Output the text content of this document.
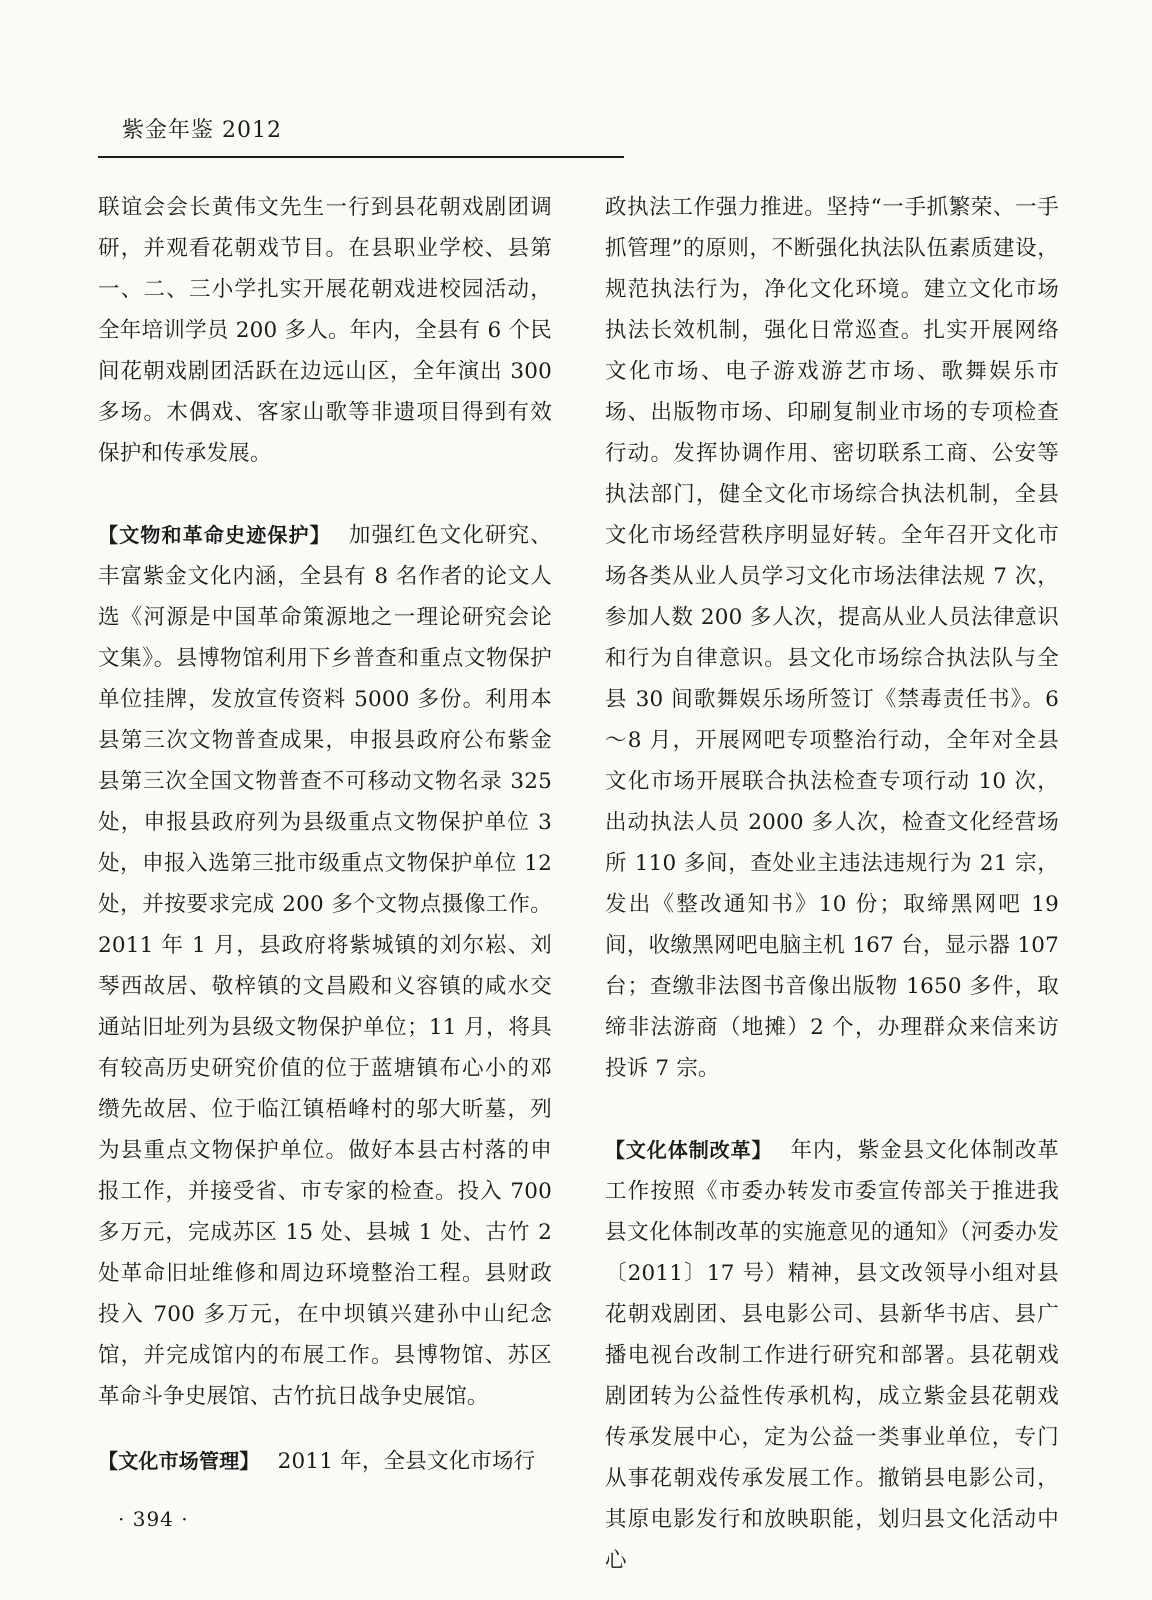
紫金年鉴 2012

联谊会会长黄伟文先生一行到县花朝戏剧团调研，并观看花朝戏节目。在县职业学校、县第一、二、三小学扎实开展花朝戏进校园活动，全年培训学员 200 多人。年内，全县有 6 个民间花朝戏剧团活跃在边远山区，全年演出 300 多场。木偶戏、客家山歌等非遗项目得到有效保护和传承发展。

【文物和革命史迹保护】 加强红色文化研究、丰富紫金文化内涵，全县有 8 名作者的论文人选《河源是中国革命策源地之一理论研究会论文集》。县博物馆利用下乡普查和重点文物保护单位挂牌，发放宣传资料 5000 多份。利用本县第三次文物普查成果，申报县政府公布紫金县第三次全国文物普查不可移动文物名录 325 处，申报县政府列为县级重点文物保护单位 3 处，申报入选第三批市级重点文物保护单位 12 处，并按要求完成 200 多个文物点摄像工作。2011 年 1 月，县政府将紫城镇的刘尔崧、刘琴西故居、敬梓镇的文昌殿和义容镇的咸水交通站旧址列为县级文物保护单位；11 月，将具有较高历史研究价值的位于蓝塘镇布心小的邓缵先故居、位于临江镇梧峰村的邬大昕墓，列为县重点文物保护单位。做好本县古村落的申报工作，并接受省、市专家的检查。投入 700 多万元，完成苏区 15 处、县城 1 处、古竹 2 处革命旧址维修和周边环境整治工程。县财政投入 700 多万元，在中坝镇兴建孙中山纪念馆，并完成馆内的布展工作。县博物馆、苏区革命斗争史展馆、古竹抗日战争史展馆。

【文化市场管理】 2011 年，全县文化市场行

政执法工作强力推进。坚持“一手抓繁荣、一手抓管理”的原则，不断强化执法队伍素质建设，规范执法行为，净化文化环境。建立文化市场执法长效机制，强化日常巡查。扎实开展网络文化市场、电子游戏游艺市场、歌舞娱乐市场、出版物市场、印刷复制业市场的专项检查行动。发挥协调作用、密切联系工商、公安等执法部门，健全文化市场综合执法机制，全县文化市场经营秩序明显好转。全年召开文化市场各类从业人员学习文化市场法律法规 7 次，参加人数 200 多人次，提高从业人员法律意识和行为自律意识。县文化市场综合执法队与全县 30 间歌舞娱乐场所签订《禁毒责任书》。6～8 月，开展网吧专项整治行动，全年对全县文化市场开展联合执法检查专项行动 10 次，出动执法人员 2000 多人次，检查文化经营场所 110 多间，查处业主违法违规行为 21 宗，发出《整改通知书》10 份；取缔黑网吧 19 间，收缴黑网吧电脑主机 167 台，显示器 107 台；查缴非法图书音像出版物 1650 多件，取缔非法游商（地摊）2 个，办理群众来信来访投诉 7 宗。

【文化体制改革】 年内，紫金县文化体制改革工作按照《市委办转发市委宣传部关于推进我县文化体制改革的实施意见的通知》（河委办发〔2011〕17 号）精神，县文改领导小组对县花朝戏剧团、县电影公司、县新华书店、县广播电视台改制工作进行研究和部署。县花朝戏剧团转为公益性传承机构，成立紫金县花朝戏传承发展中心，定为公益一类事业单位，专门从事花朝戏传承发展工作。撤销县电影公司，其原电影发行和放映职能，划归县文化活动中心

· 394 ·
